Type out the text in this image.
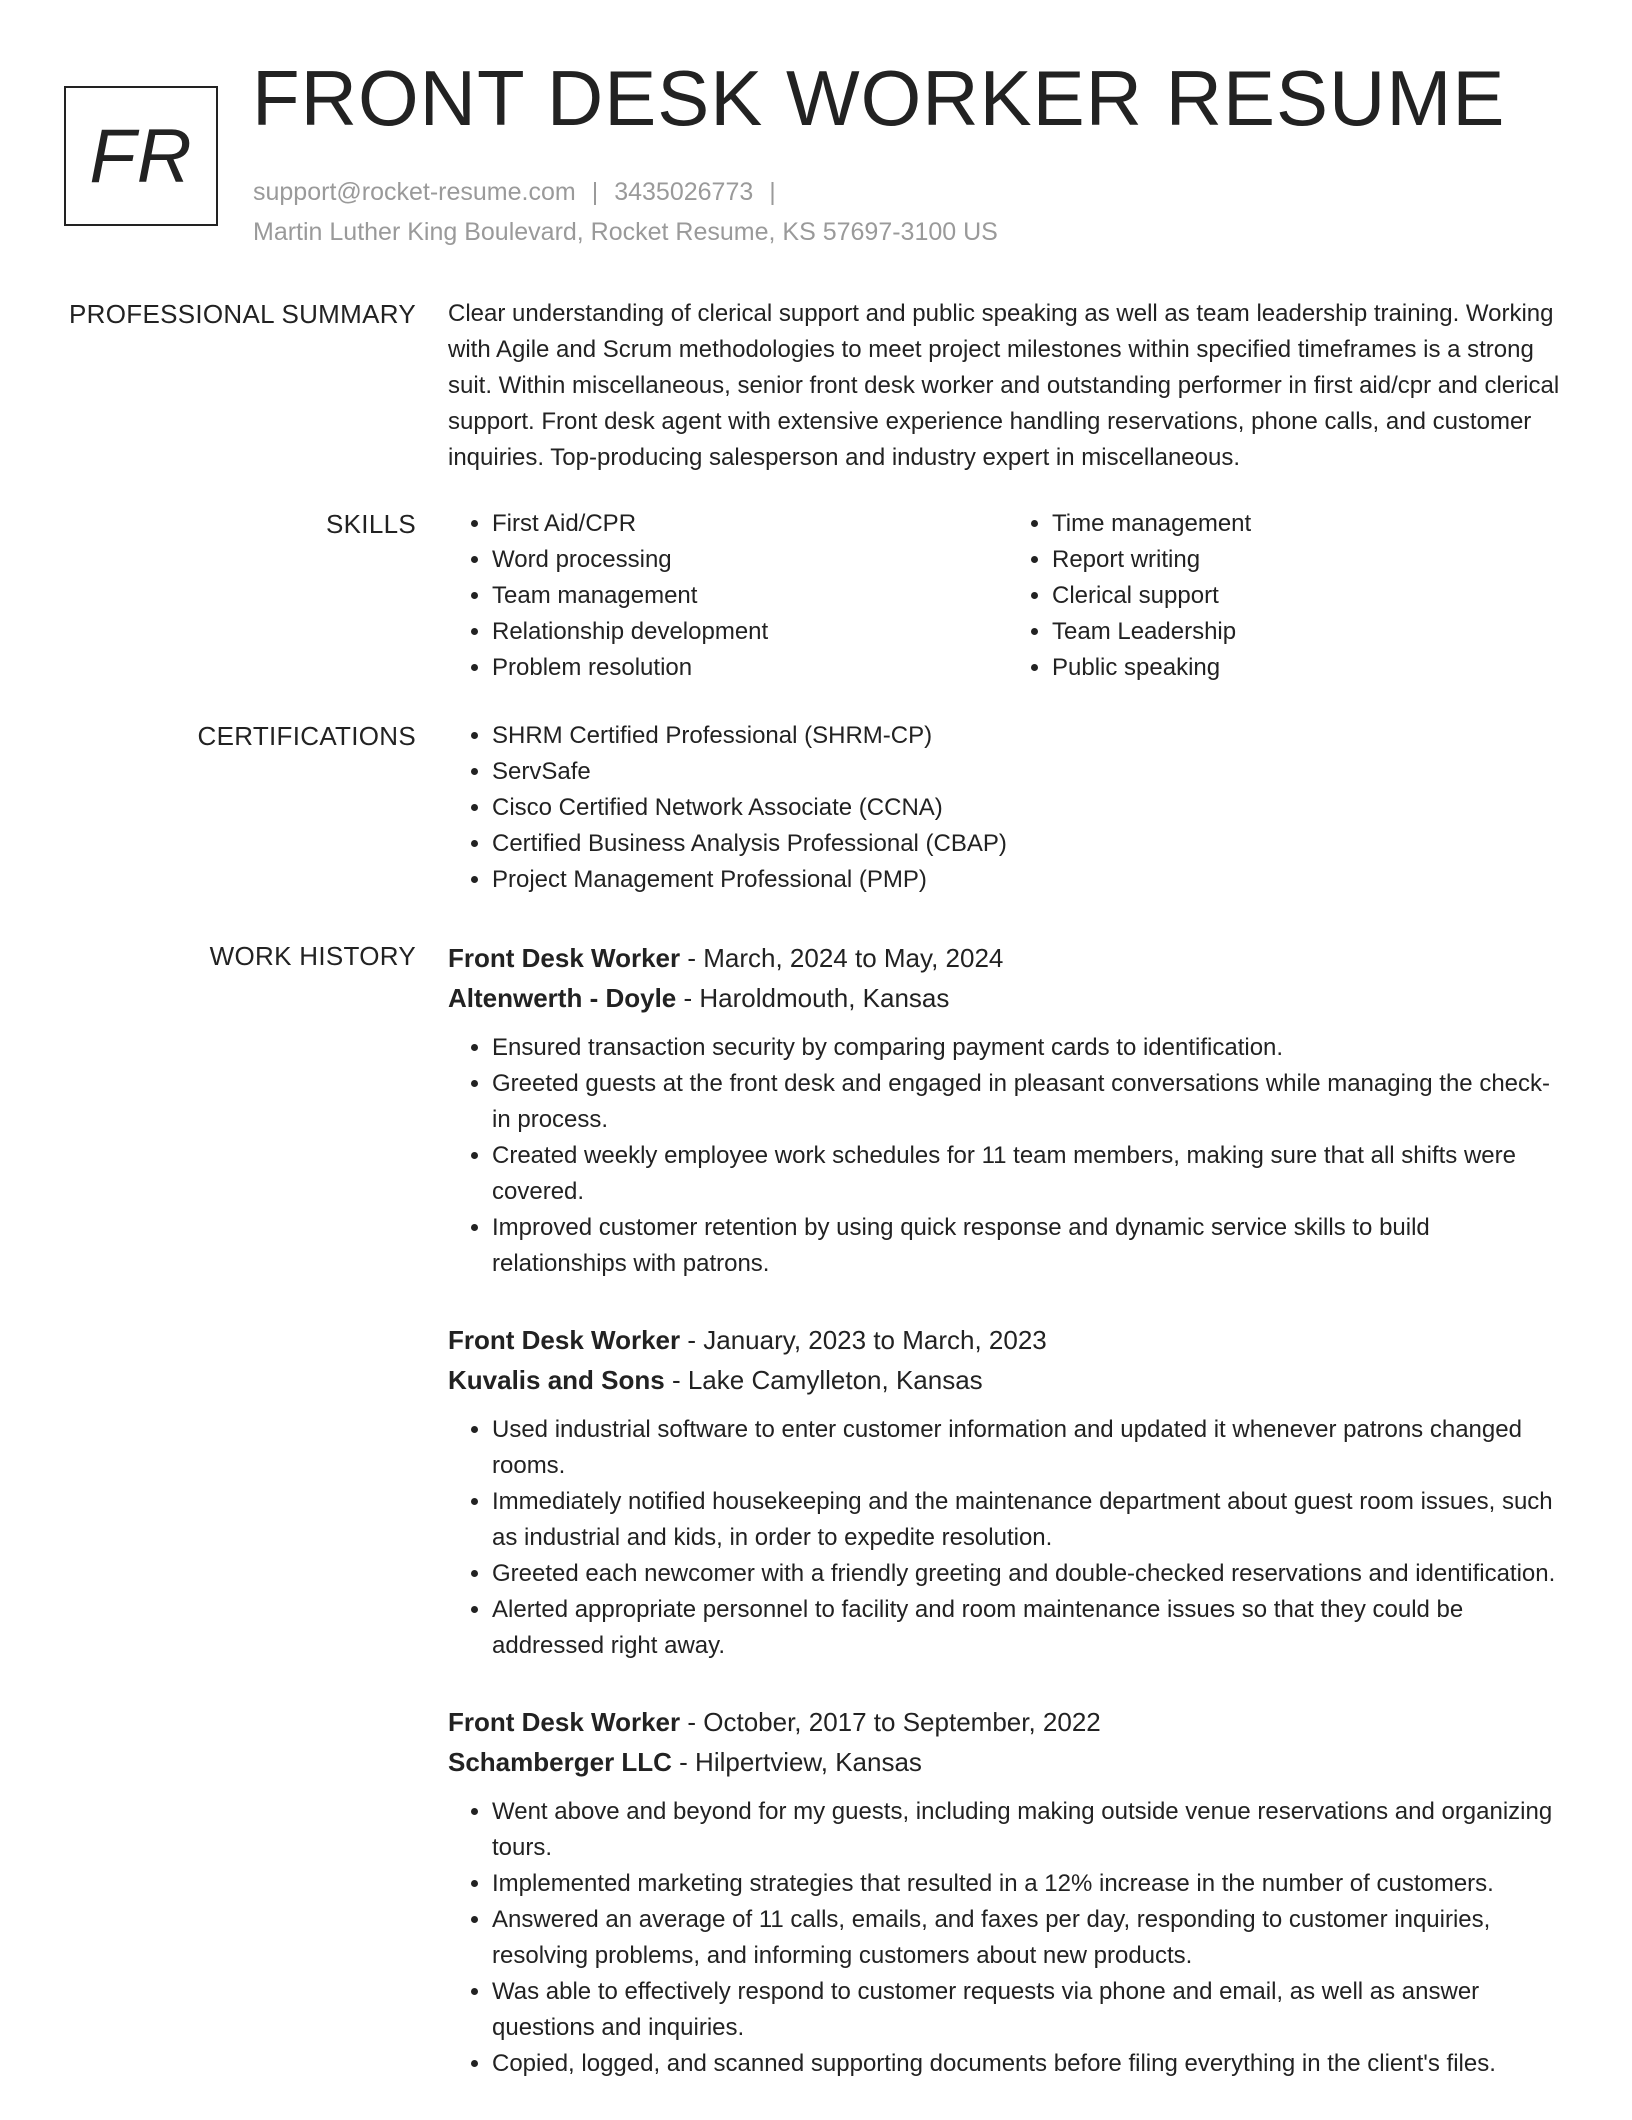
FR
FRONT DESK WORKER RESUME
support@rocket-resume.com | 3435026773 |
Martin Luther King Boulevard, Rocket Resume, KS 57697-3100 US
PROFESSIONAL SUMMARY Clear understanding of clerical support and public speaking as well as team leadership training. Working with Agile and Scrum methodologies to meet project milestones within specified timeframes is a strong suit. Within miscellaneous, senior front desk worker and outstanding performer in first aid/cpr and clerical support. Front desk agent with extensive experience handling reservations, phone calls, and customer inquiries. Top-producing salesperson and industry expert in miscellaneous.
SKILLS	• First Aid/CPR
• Word processing
• Team management
• Relationship development
• Problem resolution
• Time management
• Report writing
• Clerical support
• Team Leadership
• Public speaking
CERTIFICATIONS	• SHRM Certified Professional (SHRM-CP)
• ServSafe
• Cisco Certified Network Associate (CCNA)
• Certified Business Analysis Professional (CBAP)
• Project Management Professional (PMP)
WORK HISTORY Front Desk Worker - March, 2024 to May, 2024
Altenwerth - Doyle - Haroldmouth, Kansas
• Ensured transaction security by comparing payment cards to identification.
• Greeted guests at the front desk and engaged in pleasant conversations while managing the check-in process.
• Created weekly employee work schedules for 11 team members, making sure that all shifts were covered.
• Improved customer retention by using quick response and dynamic service skills to build relationships with patrons.
Front Desk Worker - January, 2023 to March, 2023
Kuvalis and Sons - Lake Camylleton, Kansas
• Used industrial software to enter customer information and updated it whenever patrons changed rooms.
• Immediately notified housekeeping and the maintenance department about guest room issues, such as industrial and kids, in order to expedite resolution.
• Greeted each newcomer with a friendly greeting and double-checked reservations and identification.
• Alerted appropriate personnel to facility and room maintenance issues so that they could be addressed right away.
Front Desk Worker - October, 2017 to September, 2022
Schamberger LLC - Hilpertview, Kansas
• Went above and beyond for my guests, including making outside venue reservations and organizing tours.
• Implemented marketing strategies that resulted in a 12% increase in the number of customers.
• Answered an average of 11 calls, emails, and faxes per day, responding to customer inquiries, resolving problems, and informing customers about new products.
• Was able to effectively respond to customer requests via phone and email, as well as answer questions and inquiries.
• Copied, logged, and scanned supporting documents before filing everything in the client's files.
